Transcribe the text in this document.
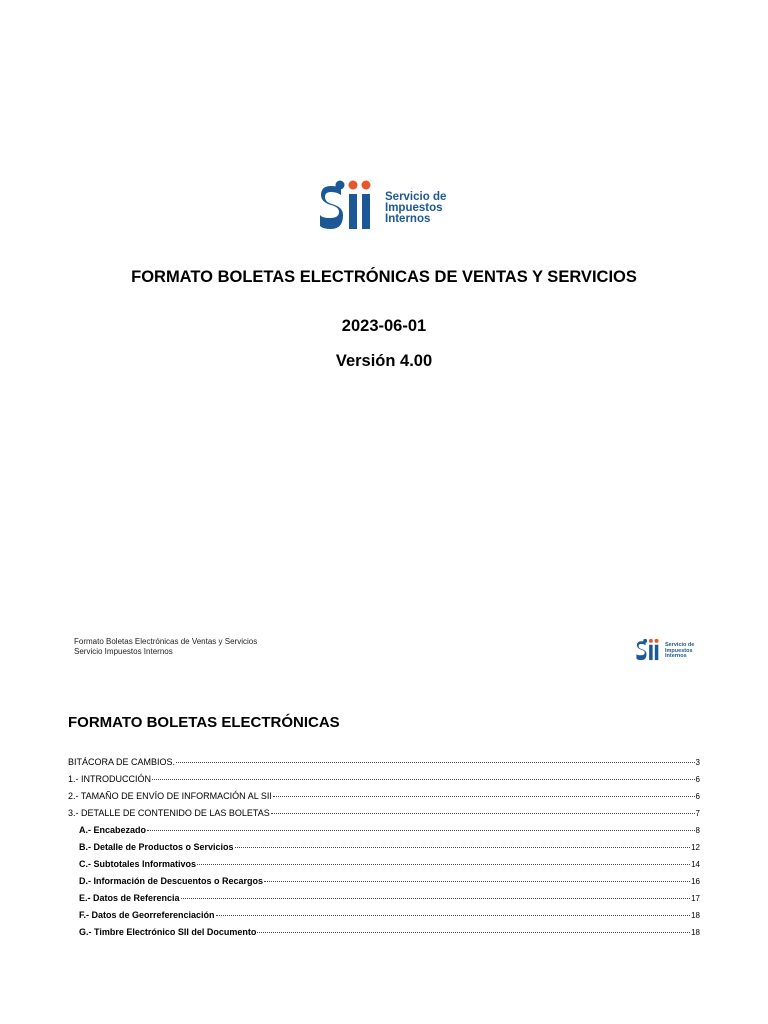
Servicio de
Impuestos
Internos
FORMATO BOLETAS ELECTRÓNICAS DE VENTAS Y SERVICIOS
2023-06-01
Versión 4.00
Formato Boletas Electrónicas de Ventas y Servicios
Servicio Impuestos Internos
Servicio de
Impuestos
Internos
FORMATO BOLETAS ELECTRÓNICAS
BITÁCORA DE CAMBIOS.	3
1.- INTRODUCCIÓN	6
2.- TAMAÑO DE ENVÍO DE INFORMACIÓN AL SII	6
3.- DETALLE DE CONTENIDO DE LAS BOLETAS	7
A.- Encabezado	8
B.- Detalle de Productos o Servicios	12
C.- Subtotales Informativos	14
D.- Información de Descuentos o Recargos	16
E.- Datos de Referencia	17
F.- Datos de Georreferenciación	18
G.- Timbre Electrónico SII del Documento	18
